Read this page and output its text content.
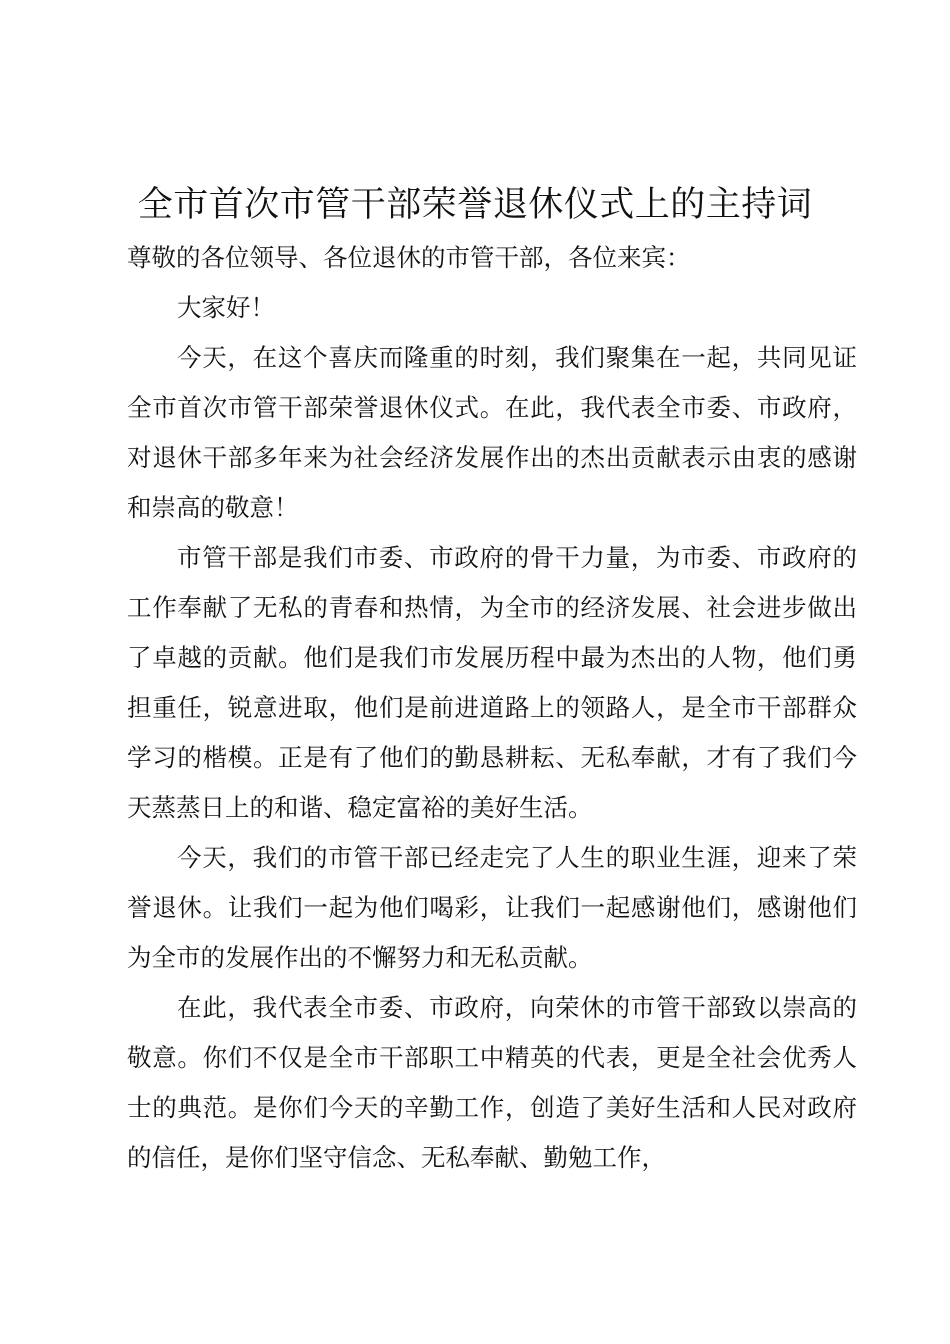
全市首次市管干部荣誉退休仪式上的主持词
尊敬的各位领导、各位退休的市管干部，各位来宾：

大家好！

今天，在这个喜庆而隆重的时刻，我们聚集在一起，共同见证全市首次市管干部荣誉退休仪式。在此，我代表全市委、市政府，对退休干部多年来为社会经济发展作出的杰出贡献表示由衷的感谢和崇高的敬意！

市管干部是我们市委、市政府的骨干力量，为市委、市政府的工作奉献了无私的青春和热情，为全市的经济发展、社会进步做出了卓越的贡献。他们是我们市发展历程中最为杰出的人物，他们勇担重任，锐意进取，他们是前进道路上的领路人，是全市干部群众学习的楷模。正是有了他们的勤恳耕耘、无私奉献，才有了我们今天蒸蒸日上的和谐、稳定富裕的美好生活。

今天，我们的市管干部已经走完了人生的职业生涯，迎来了荣誉退休。让我们一起为他们喝彩，让我们一起感谢他们，感谢他们为全市的发展作出的不懈努力和无私贡献。

在此，我代表全市委、市政府，向荣休的市管干部致以崇高的敬意。你们不仅是全市干部职工中精英的代表，更是全社会优秀人士的典范。是你们今天的辛勤工作，创造了美好生活和人民对政府的信任，是你们坚守信念、无私奉献、勤勉工作，
